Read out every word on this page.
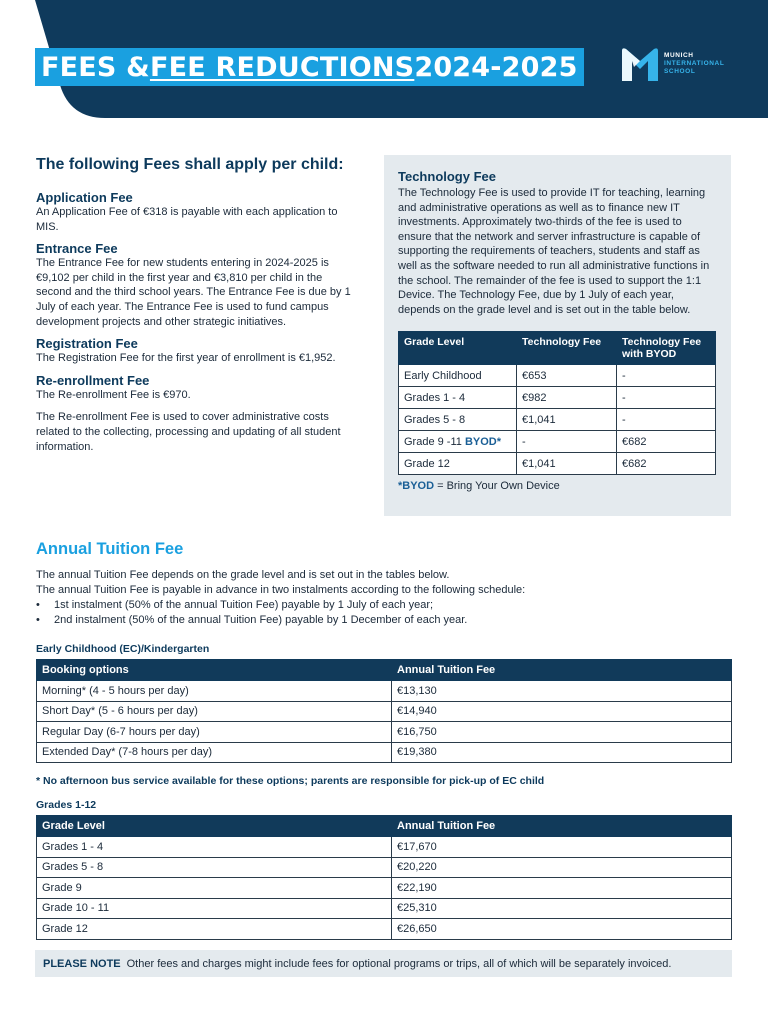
FEES & FEE REDUCTIONS 2024-2025	MUNICH
INTERNATIONAL
SCHOOL
The following Fees shall apply per child:
Application Fee
An Application Fee of €318 is payable with each application to MIS.
Entrance Fee
The Entrance Fee for new students entering in 2024-2025 is €9,102 per child in the first year and €3,810 per child in the second and the third school years. The Entrance Fee is due by 1 July of each year. The Entrance Fee is used to fund campus development projects and other strategic initiatives.
Registration Fee
The Registration Fee for the first year of enrollment is €1,952.
Re-enrollment Fee
The Re-enrollment Fee is €970.
The Re-enrollment Fee is used to cover administrative costs related to the collecting, processing and updating of all student information.
Technology Fee
The Technology Fee is used to provide IT for teaching, learning and administrative operations as well as to finance new IT investments. Approximately two-thirds of the fee is used to ensure that the network and server infrastructure is capable of supporting the requirements of teachers, students and staff as well as the software needed to run all administrative functions in the school. The remainder of the fee is used to support the 1:1 Device. The Technology Fee, due by 1 July of each year, depends on the grade level and is set out in the table below.
Grade Level	Technology Fee	Technology Fee with BYOD
Early Childhood	€653	-
Grades 1 - 4	€982	-
Grades 5 - 8	€1,041	-
Grade 9 -11 BYOD*	-	€682
Grade 12	€1,041	€682
*BYOD = Bring Your Own Device
Annual Tuition Fee
The annual Tuition Fee depends on the grade level and is set out in the tables below.
The annual Tuition Fee is payable in advance in two instalments according to the following schedule:
•	1st instalment (50% of the annual Tuition Fee) payable by 1 July of each year;
•	2nd instalment (50% of the annual Tuition Fee) payable by 1 December of each year.
Early Childhood (EC)/Kindergarten
Booking options	Annual Tuition Fee
Morning* (4 - 5 hours per day)	€13,130
Short Day* (5 - 6 hours per day)	€14,940
Regular Day (6-7 hours per day)	€16,750
Extended Day* (7-8 hours per day)	€19,380
* No afternoon bus service available for these options; parents are responsible for pick-up of EC child
Grades 1-12
Grade Level	Annual Tuition Fee
Grades 1 - 4	€17,670
Grades 5 - 8	€20,220
Grade 9	€22,190
Grade 10 - 11	€25,310
Grade 12	€26,650
PLEASE NOTE Other fees and charges might include fees for optional programs or trips, all of which will be separately invoiced.
